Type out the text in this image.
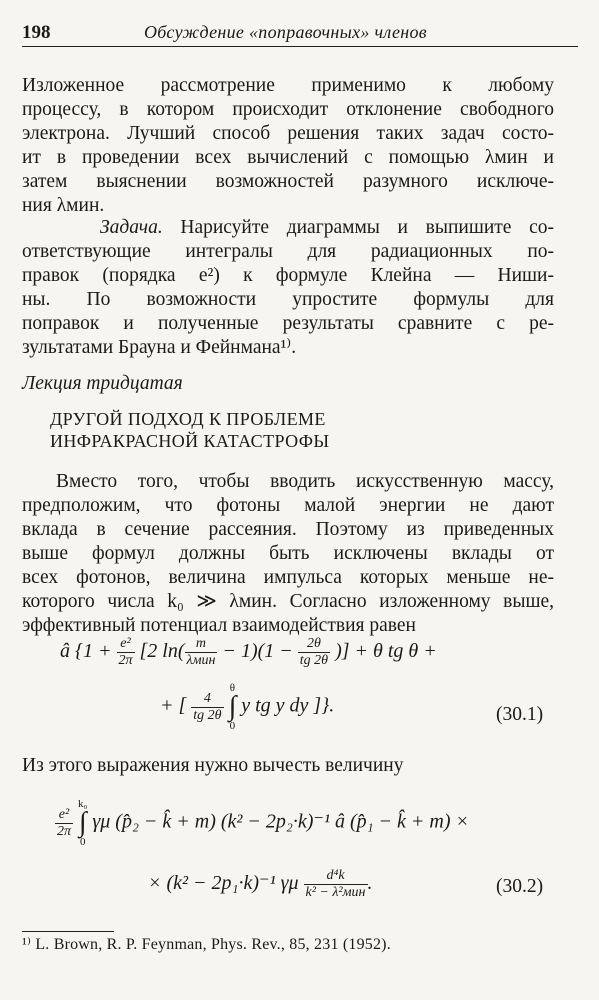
198	Обсуждение «поправочных» членов
Изложенное рассмотрение применимо к любому
процессу, в котором происходит отклонение свободного
электрона. Лучший способ решения таких задач состо-
ит в проведении всех вычислений с помощью λмин и
затем выяснении возможностей разумного исключе-
ния λмин.
Задача. Нарисуйте диаграммы и выпишите со-
ответствующие интегралы для радиационных по-
правок (порядка e²) к формуле Клейна — Ниши-
ны. По возможности упростите формулы для
поправок и полученные результаты сравните с ре-
зультатами Брауна и Фейнмана¹⁾.
Лекция тридцатая
ДРУГОЙ ПОДХОД К ПРОБЛЕМЕ
ИНФРАКРАСНОЙ КАТАСТРОФЫ
Вместо того, чтобы вводить искусственную массу,
предположим, что фотоны малой энергии не дают
вклада в сечение рассеяния. Поэтому из приведенных
выше формул должны быть исключены вклады от
всех фотонов, величина импульса которых меньше не-
которого числа k₀ ≫ λмин. Согласно изложенному выше,
эффективный потенциал взаимодействия равен
â {$1 + \frac{\text{e²}}{2\pi} [2$ $\ln( \frac{m}{\text{λмин}} - 1)(1 - \frac{2\theta}{tg 2\theta}$ )] + θ tg θ +
+ [ $\frac{4}{tg 2\theta}$

θ
∫
0
y tg y dy ]}.	(30.1)
Из этого выражения нужно вычесть величину
$\frac{\text{e²}}{2\pi}$

k₀
∫
0
γμ (p̂₂ − k̂ + m) (k² − 2p₂·k)⁻¹ â (p̂₁ − k̂ + m) ×
× (k² − 2p₁·k)⁻¹ γμ $\frac{\text{d⁴k}}{\text{k² − λ²мин}}$ .	(30.2)
¹⁾ L. Brown, R. P. Feynman, Phys. Rev., 85, 231 (1952).
